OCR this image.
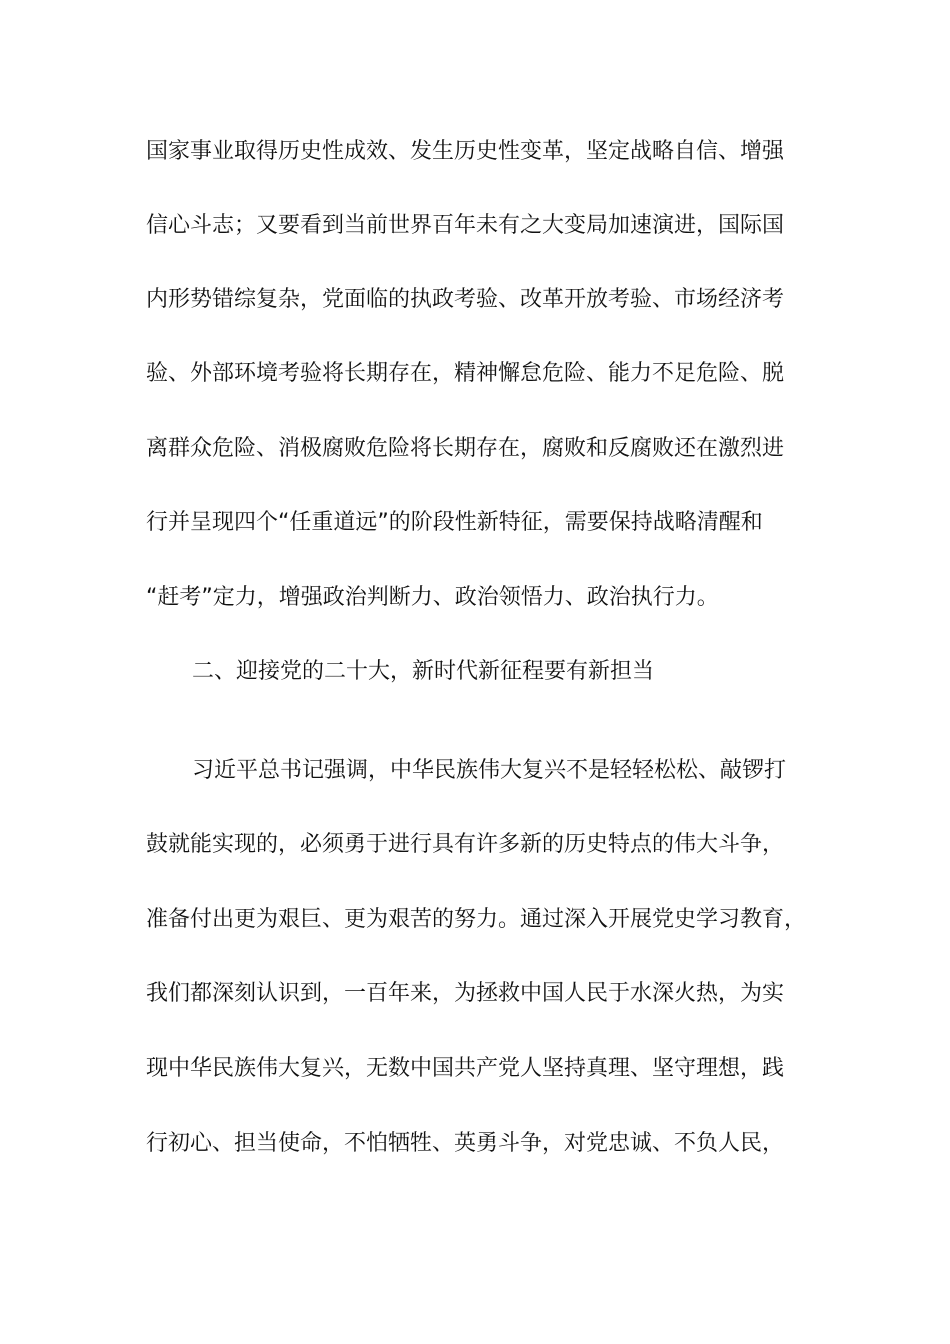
国家事业取得历史性成效、发生历史性变革，坚定战略自信、增强
信心斗志；又要看到当前世界百年未有之大变局加速演进，国际国
内形势错综复杂，党面临的执政考验、改革开放考验、市场经济考
验、外部环境考验将长期存在，精神懈怠危险、能力不足危险、脱
离群众危险、消极腐败危险将长期存在，腐败和反腐败还在激烈进
行并呈现四个“任重道远”的阶段性新特征，需要保持战略清醒和
“赶考”定力，增强政治判断力、政治领悟力、政治执行力。
二、迎接党的二十大，新时代新征程要有新担当
习近平总书记强调，中华民族伟大复兴不是轻轻松松、敲锣打
鼓就能实现的，必须勇于进行具有许多新的历史特点的伟大斗争，
准备付出更为艰巨、更为艰苦的努力。通过深入开展党史学习教育，
我们都深刻认识到，一百年来，为拯救中国人民于水深火热，为实
现中华民族伟大复兴，无数中国共产党人坚持真理、坚守理想，践
行初心、担当使命，不怕牺牲、英勇斗争，对党忠诚、不负人民，
